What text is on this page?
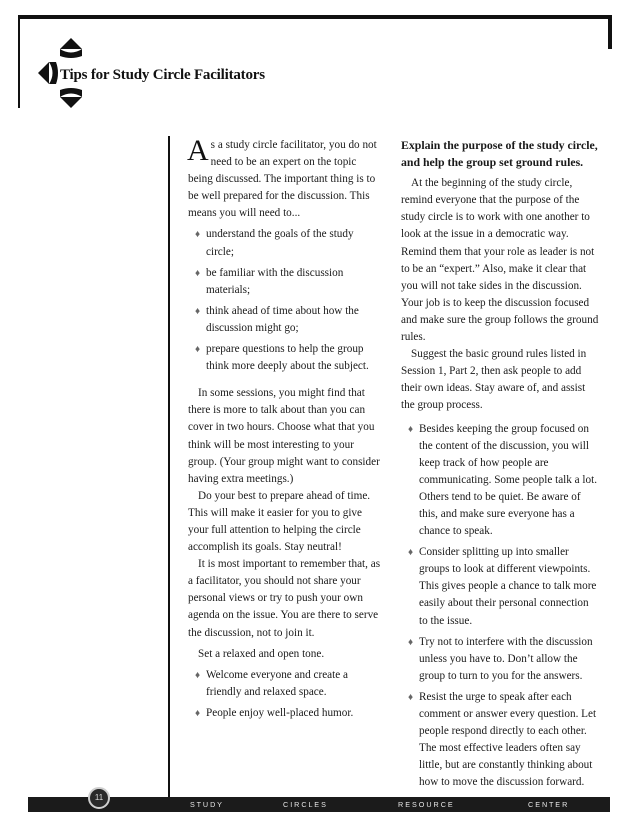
Tips for Study Circle Facilitators

As a study circle facilitator, you do not need to be an expert on the topic being discussed. The important thing is to be well prepared for the discussion. This means you will need to...

♦ understand the goals of the study circle;
♦ be familiar with the discussion materials;
♦ think ahead of time about how the discussion might go;
♦ prepare questions to help the group think more deeply about the subject.

In some sessions, you might find that there is more to talk about than you can cover in two hours. Choose what that you think will be most interesting to your group. (Your group might want to consider having extra meetings.)

Do your best to prepare ahead of time. This will make it easier for you to give your full attention to helping the circle accomplish its goals. Stay neutral!

It is most important to remember that, as a facilitator, you should not share your personal views or try to push your own agenda on the issue. You are there to serve the discussion, not to join it.

Set a relaxed and open tone.

♦ Welcome everyone and create a friendly and relaxed space.
♦ People enjoy well-placed humor.

Explain the purpose of the study circle, and help the group set ground rules.

At the beginning of the study circle, remind everyone that the purpose of the study circle is to work with one another to look at the issue in a democratic way. Remind them that your role as leader is not to be an “expert.” Also, make it clear that you will not take sides in the discussion. Your job is to keep the discussion focused and make sure the group follows the ground rules.

Suggest the basic ground rules listed in Session 1, Part 2, then ask people to add their own ideas. Stay aware of, and assist the group process.

♦ Besides keeping the group focused on the content of the discussion, you will keep track of how people are communicating. Some people talk a lot. Others tend to be quiet. Be aware of this, and make sure everyone has a chance to speak.
♦ Consider splitting up into smaller groups to look at different viewpoints. This gives people a chance to talk more easily about their personal connection to the issue.
♦ Try not to interfere with the discussion unless you have to. Don’t allow the group to turn to you for the answers.
♦ Resist the urge to speak after each comment or answer every question. Let people respond directly to each other. The most effective leaders often say little, but are constantly thinking about how to move the discussion forward.
S T U D Y	C I R C L E S	R E S O U R C E	C E N T E R
11
